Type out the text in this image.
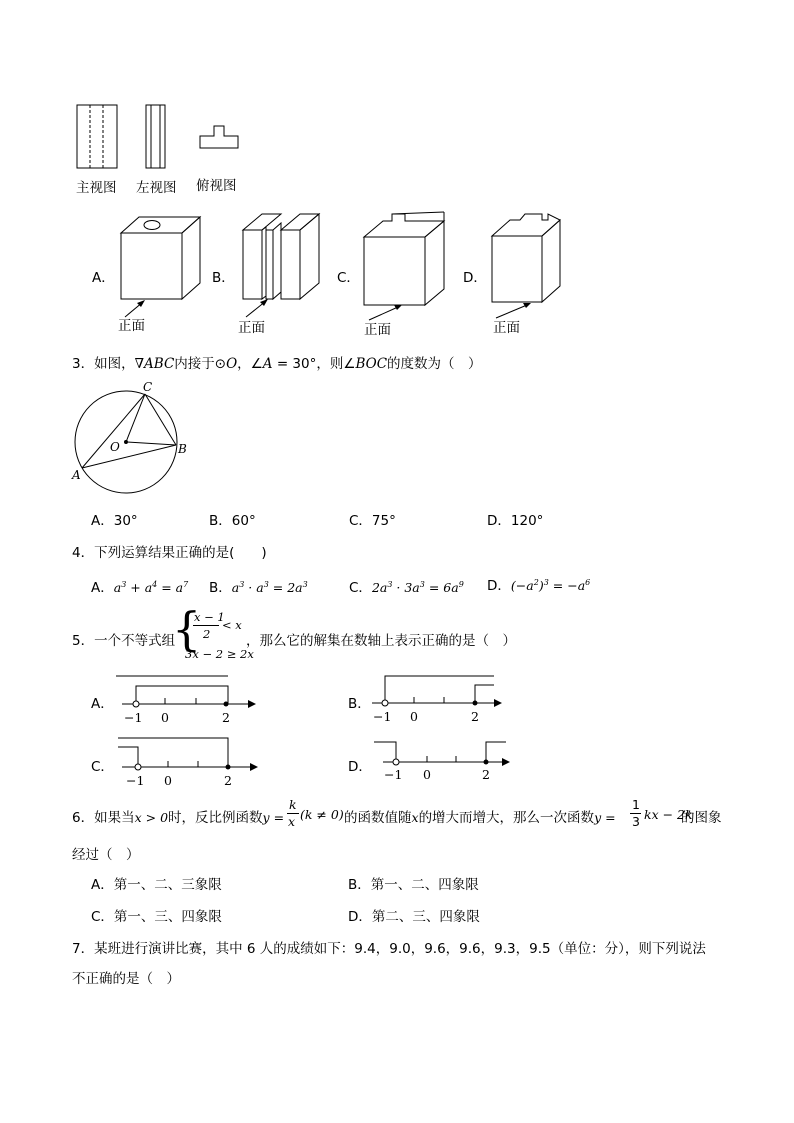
主视图 左视图 俯视图
A．	B．	C．	D．
正面	正面	正面	正面
3．如图，∇ABC内接于⊙O，∠A = 30°，则∠BOC的度数为（　）
C
O	B
A
A．30°	B．60°	C．75°	D．120°
4．下列运算结果正确的是(　　)
A．$a^3 + a^4 = a^7$ B．$a^3 \cdot a^3 = 2a^3$	C．$2a^3 \cdot 3a^3 = 6a^9$ D．$(-a^2)^3 = -a^6$
5．一个不等式组
{
x − 1
2
< x
3x − 2 ≥ 2x
，那么它的解集在数轴上表示正确的是（　）
A．	B．
C．	D．
−1 0	2	−1 0	2
−1 0	2	−1 0	2
6．如果当x > 0时，反比例函数y =
k
x (k ≠ 0) 的函数值随x的增大而增大，那么一次函数y =
1
3 kx − 2k
的图象
经过（　）
A．第一、二、三象限	B．第一、二、四象限
C．第一、三、四象限	D．第二、三、四象限
7．某班进行演讲比赛，其中 6 人的成绩如下：9.4，9.0，9.6，9.6，9.3，9.5（单位：分），则下列说法
不正确的是（　）
